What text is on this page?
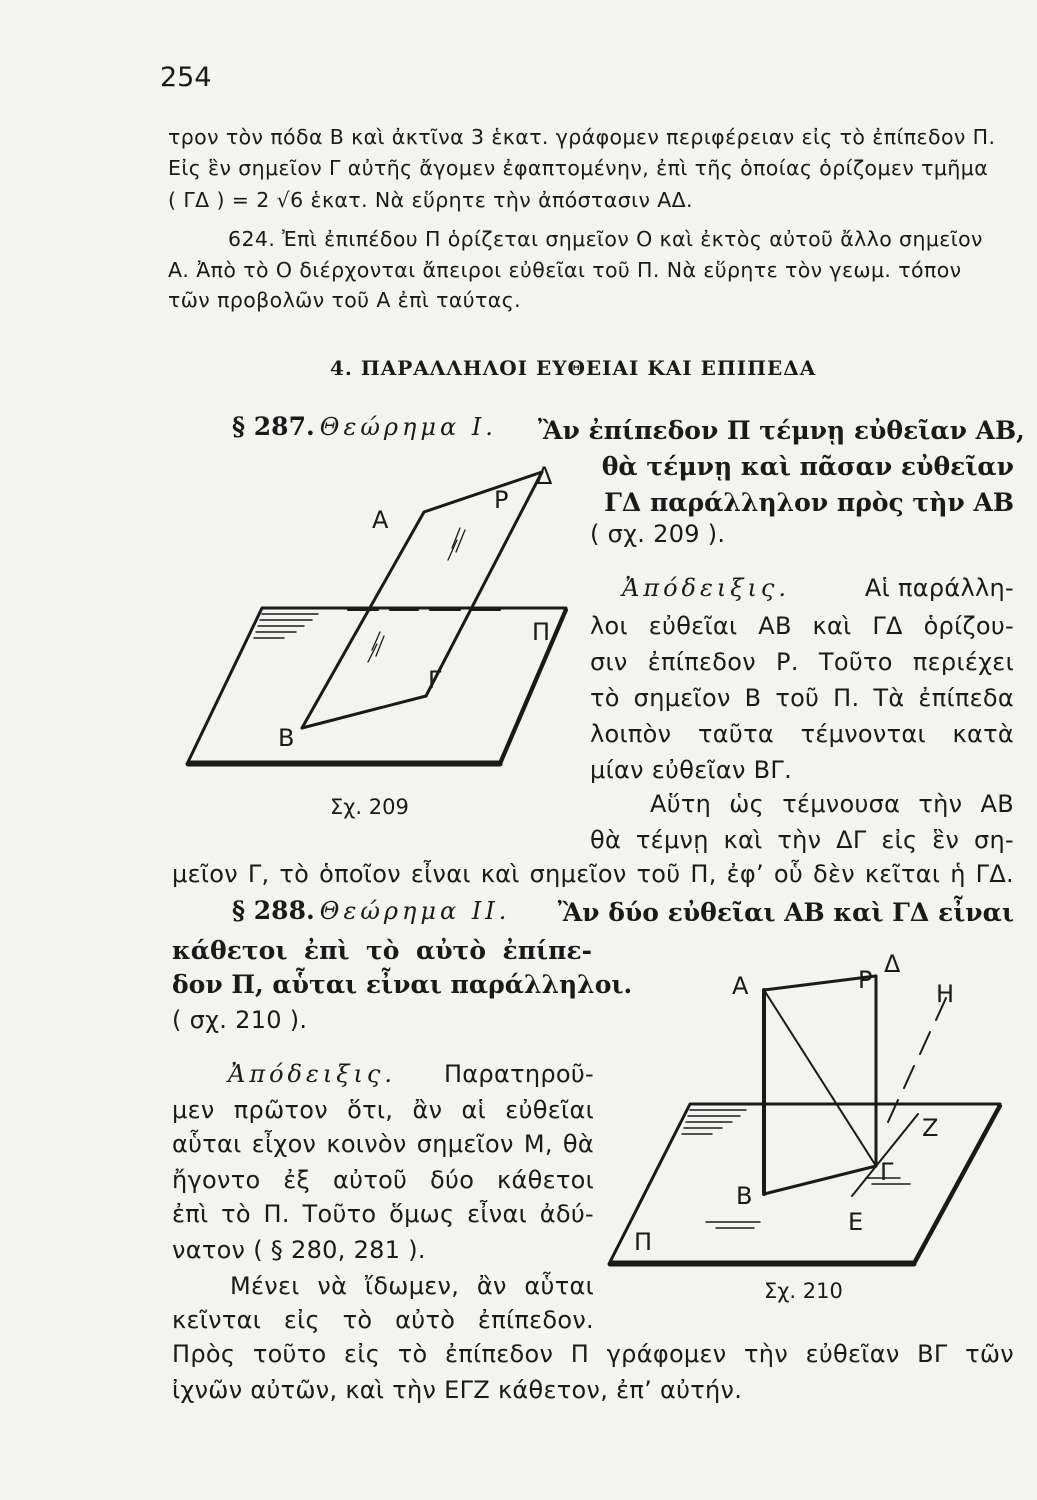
254
τρον τὸν πόδα Β καὶ ἀκτῖνα 3 ἑκατ. γράφομεν περιφέρειαν εἰς τὸ ἐπίπεδον Π.
Εἰς ἓν σημεῖον Γ αὐτῆς ἄγομεν ἐφαπτομένην, ἐπὶ τῆς ὁποίας ὁρίζομεν τμῆμα
( ΓΔ ) = 2 √6 ἑκατ. Νὰ εὕρητε τὴν ἀπόστασιν ΑΔ.
624. Ἐπὶ ἐπιπέδου Π ὁρίζεται σημεῖον Ο καὶ ἐκτὸς αὐτοῦ ἄλλο σημεῖον
Α. Ἀπὸ τὸ Ο διέρχονται ἄπειροι εὐθεῖαι τοῦ Π. Νὰ εὕρητε τὸν γεωμ. τόπον
τῶν προβολῶν τοῦ Α ἐπὶ ταύτας.
4. ΠΑΡΑΛΛΗΛΟΙ ΕΥΘΕΙΑΙ ΚΑΙ ΕΠΙΠΕΔΑ
§ 287. Θεώρημα I. Ἂν ἐπίπεδον Π τέμνῃ εὐθεῖαν ΑΒ,
θὰ τέμνῃ καὶ πᾶσαν εὐθεῖαν
ΓΔ παράλληλον πρὸς τὴν ΑΒ
( σχ. 209 ).
Ἀπόδειξις.	Αἱ παράλλη-
λοι εὐθεῖαι ΑΒ καὶ ΓΔ ὁρίζου-
σιν ἐπίπεδον Ρ. Τοῦτο περιέχει
τὸ σημεῖον Β τοῦ Π. Τὰ ἐπίπεδα
λοιπὸν ταῦτα τέμνονται κατὰ
μίαν εὐθεῖαν ΒΓ.
Αὕτη ὡς τέμνουσα τὴν ΑΒ
θὰ τέμνῃ καὶ τὴν ΔΓ εἰς ἓν ση-
μεῖον Γ, τὸ ὁποῖον εἶναι καὶ σημεῖον τοῦ Π, ἐφ’ οὗ δὲν κεῖται ἡ ΓΔ.
Α
Ρ
Δ
Π
Γ
Β
Σχ. 209
§ 288. Θεώρημα II.	Ἂν δύο εὐθεῖαι ΑΒ καὶ ΓΔ εἶναι
κάθετοι ἐπὶ τὸ αὐτὸ ἐπίπε-
δον Π, αὗται εἶναι παράλληλοι.
( σχ. 210 ).
Ἀπόδειξις. Παρατηροῦ-
μεν πρῶτον ὅτι, ἂν αἱ εὐθεῖαι
αὗται εἶχον κοινὸν σημεῖον Μ, θὰ
ἤγοντο ἐξ αὐτοῦ δύο κάθετοι
ἐπὶ τὸ Π. Τοῦτο ὅμως εἶναι ἀδύ-
νατον ( § 280, 281 ).
Μένει νὰ ἴδωμεν, ἂν αὗται
κεῖνται εἰς τὸ αὐτὸ ἐπίπεδον.
Πρὸς τοῦτο εἰς τὸ ἐπίπεδον Π γράφομεν τὴν εὐθεῖαν ΒΓ τῶν
ἰχνῶν αὐτῶν, καὶ τὴν ΕΓΖ κάθετον, ἐπ’ αὐτήν.
Α	Ρ
Δ
Η
Ζ
Γ
Β
Ε
Π
Σχ. 210
